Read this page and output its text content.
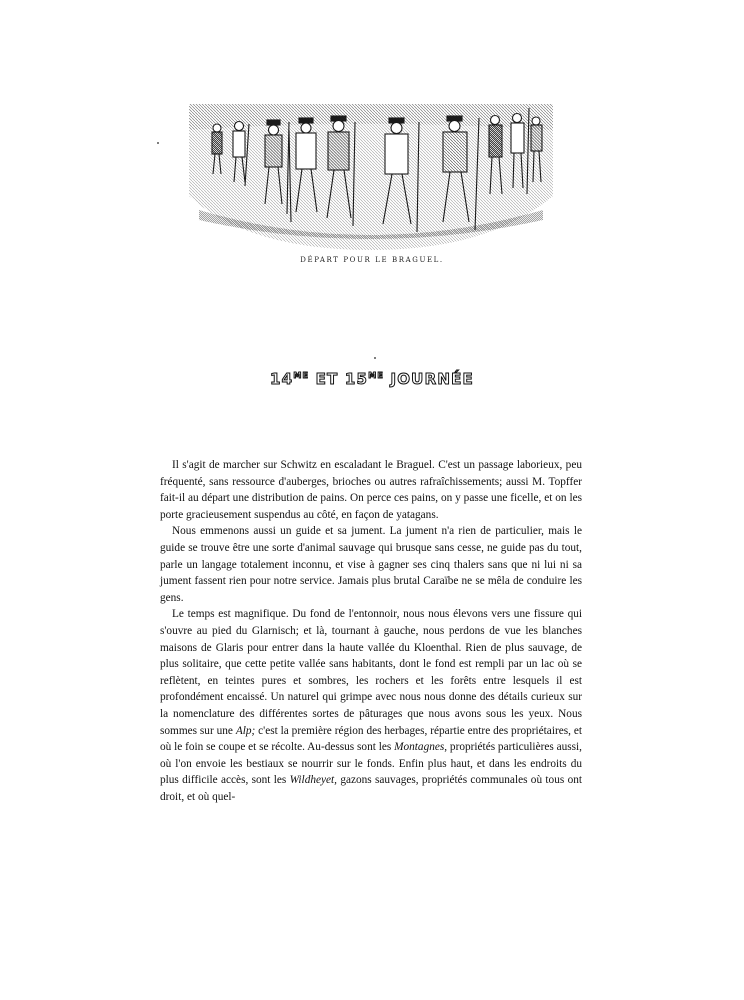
DÉPART POUR LE BRAGUEL.
$14^{ME}$ ET $15^{ME}$ JOURNÉE

Il s'agit de marcher sur Schwitz en escaladant le Braguel. C'est un passage laborieux, peu fréquenté, sans ressource d'auberges, brioches ou autres rafraîchissements; aussi M. Topffer fait-il au départ une distribution de pains. On perce ces pains, on y passe une ficelle, et on les porte gracieusement suspendus au côté, en façon de yatagans.

Nous emmenons aussi un guide et sa jument. La jument n'a rien de particulier, mais le guide se trouve être une sorte d'animal sauvage qui brusque sans cesse, ne guide pas du tout, parle un langage totalement inconnu, et vise à gagner ses cinq thalers sans que ni lui ni sa jument fassent rien pour notre service. Jamais plus brutal Caraïbe ne se mêla de conduire les gens.

Le temps est magnifique. Du fond de l'entonnoir, nous nous élevons vers une fissure qui s'ouvre au pied du Glarnisch; et là, tournant à gauche, nous perdons de vue les blanches maisons de Glaris pour entrer dans la haute vallée du Kloenthal. Rien de plus sauvage, de plus solitaire, que cette petite vallée sans habitants, dont le fond est rempli par un lac où se reflètent, en teintes pures et sombres, les rochers et les forêts entre lesquels il est profondément encaissé. Un naturel qui grimpe avec nous nous donne des détails curieux sur la nomenclature des différentes sortes de pâturages que nous avons sous les yeux. Nous sommes sur une Alp; c'est la première région des herbages, répartie entre des propriétaires, et où le foin se coupe et se récolte. Au-dessus sont les Montagnes, propriétés particulières aussi, où l'on envoie les bestiaux se nourrir sur le fonds. Enfin plus haut, et dans les endroits du plus difficile accès, sont les Wildheyet, gazons sauvages, propriétés communales où tous ont droit, et où quel-
